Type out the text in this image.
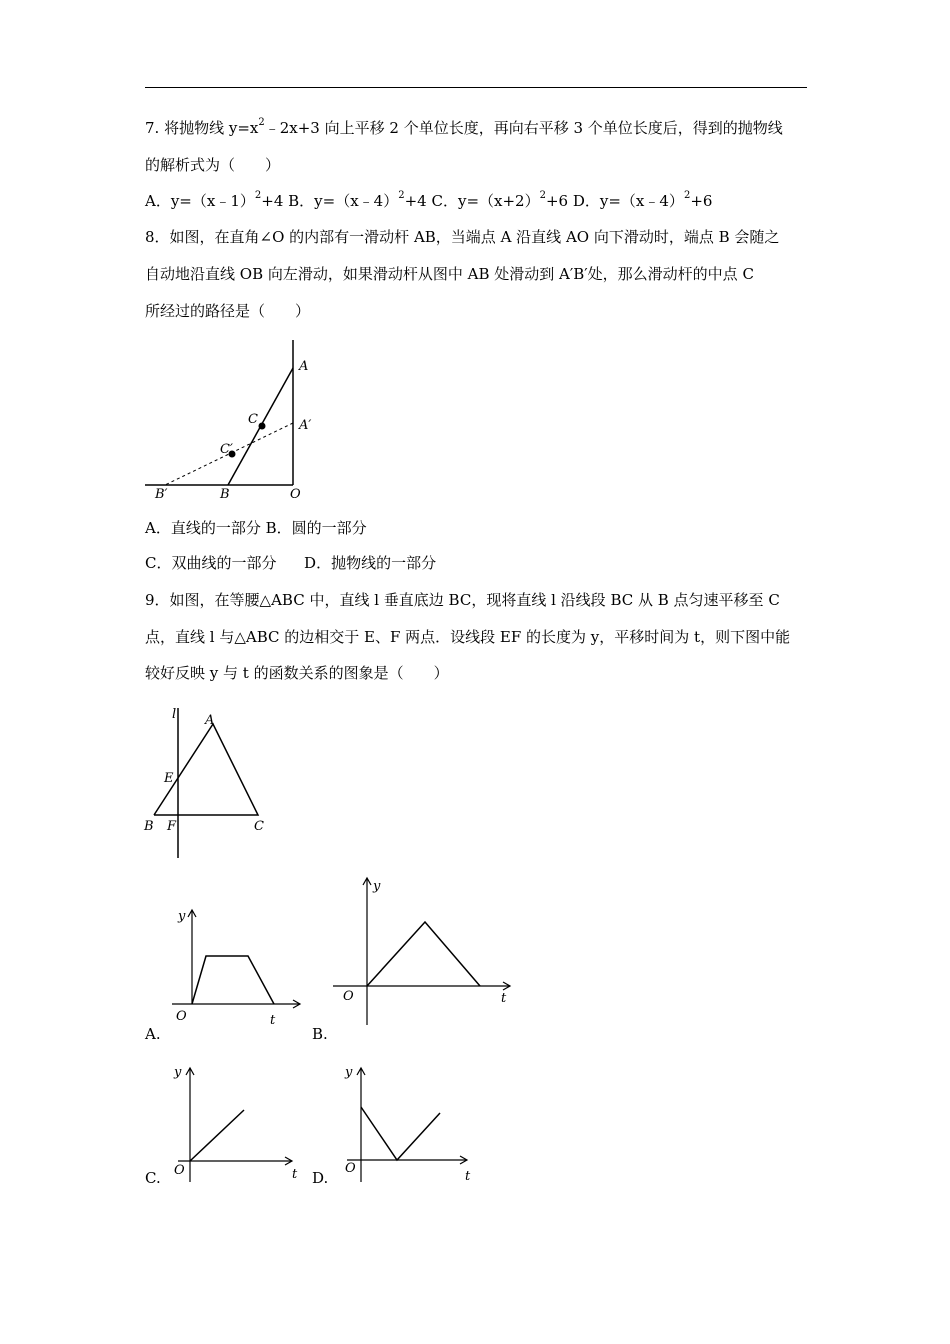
7. 将抛物线 $y=x^2﹣2x+3$ 向上平移 2 个单位长度，再向右平移 3 个单位长度后，得到的抛物线
的解析式为（　　）
A．y=（x﹣1）$^2$+4 B．y=（x﹣4）$^2$+4 C．$y=(x+2)^2+6$ D．y=（x﹣4）$^2$+6
8．如图，在直角∠O 的内部有一滑动杆 AB，当端点 A 沿直线 AO 向下滑动时，端点 B 会随之
自动地沿直线 OB 向左滑动，如果滑动杆从图中 AB 处滑动到 A′B′处，那么滑动杆的中点 C
所经过的路径是（　　）
A
A′
C
C′
B′	B	O
A．直线的一部分 B．圆的一部分
C．双曲线的一部分 D．抛物线的一部分
9．如图，在等腰△ABC 中，直线 l 垂直底边 BC，现将直线 l 沿线段 BC 从 B 点匀速平移至 C
点，直线 l 与△ABC 的边相交于 E、F 两点．设线段 EF 的长度为 y，平移时间为 t，则下图中能
较好反映 y 与 t 的函数关系的图象是（　　）
l A
E
B F	C
y
O	t
A.
y
O	t
B.
y
O	t
C.
y
O
t
D.
